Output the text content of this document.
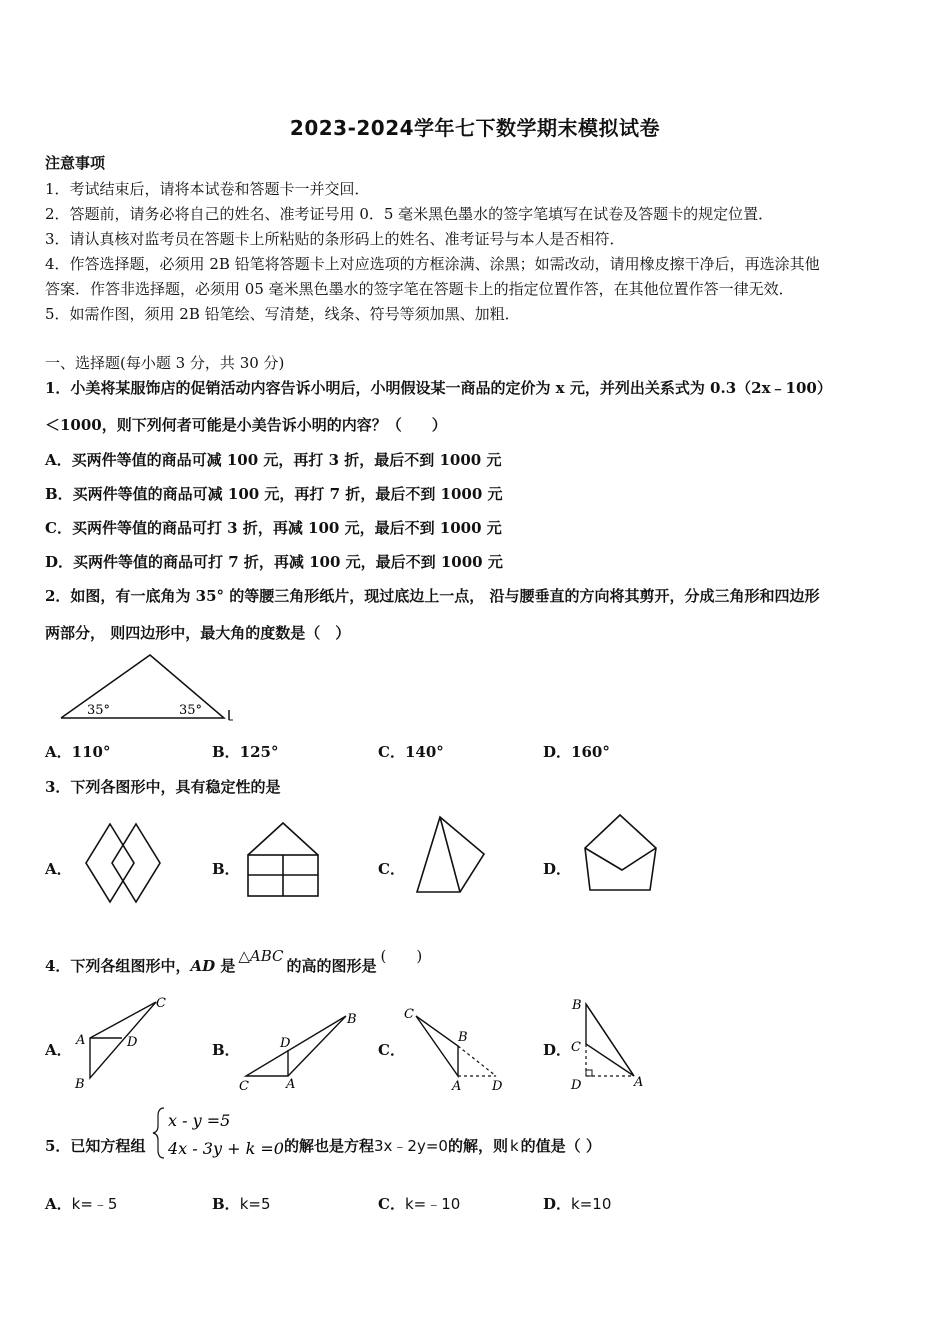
2023-2024学年七下数学期末模拟试卷
注意事项
1．考试结束后，请将本试卷和答题卡一并交回．
2．答题前，请务必将自己的姓名、准考证号用 0．5 毫米黑色墨水的签字笔填写在试卷及答题卡的规定位置．
3．请认真核对监考员在答题卡上所粘贴的条形码上的姓名、准考证号与本人是否相符．
4．作答选择题，必须用 2B 铅笔将答题卡上对应选项的方框涂满、涂黑；如需改动，请用橡皮擦干净后，再选涂其他
答案．作答非选择题，必须用 05 毫米黑色墨水的签字笔在答题卡上的指定位置作答，在其他位置作答一律无效．
5．如需作图，须用 2B 铅笔绘、写清楚，线条、符号等须加黑、加粗．
一、选择题(每小题 3 分，共 30 分)
1．小美将某服饰店的促销活动内容告诉小明后，小明假设某一商品的定价为 x 元，并列出关系式为 0.3（2x﹣100）
＜1000，则下列何者可能是小美告诉小明的内容？（　　）
A．买两件等值的商品可减 100 元，再打 3 折，最后不到 1000 元
B．买两件等值的商品可减 100 元，再打 7 折，最后不到 1000 元
C．买两件等值的商品可打 3 折，再减 100 元，最后不到 1000 元
D．买两件等值的商品可打 7 折，再减 100 元，最后不到 1000 元
2．如图，有一底角为 35° 的等腰三角形纸片，现过底边上一点， 沿与腰垂直的方向将其剪开，分成三角形和四边形
两部分， 则四边形中，最大角的度数是（　）
35°	35°
A．110°	B．125°	C．140°	D．160°
3．下列各图形中，具有稳定性的是
A．	B．	C．	D．
4．下列各组图形中，AD 是△ABC的高的图形是(　　)
A．
C
A	D
B
B．	D
B
C	A
C．
C
B
A D
D．
B
C
D	A
5．已知方程组
x - y =5
4x - 3y + k =0 的解也是方程3x﹣2y=0的解，则 k 的值是（ ）
A．k=﹣5	B．k=5	C．k=﹣10	D．k=10
